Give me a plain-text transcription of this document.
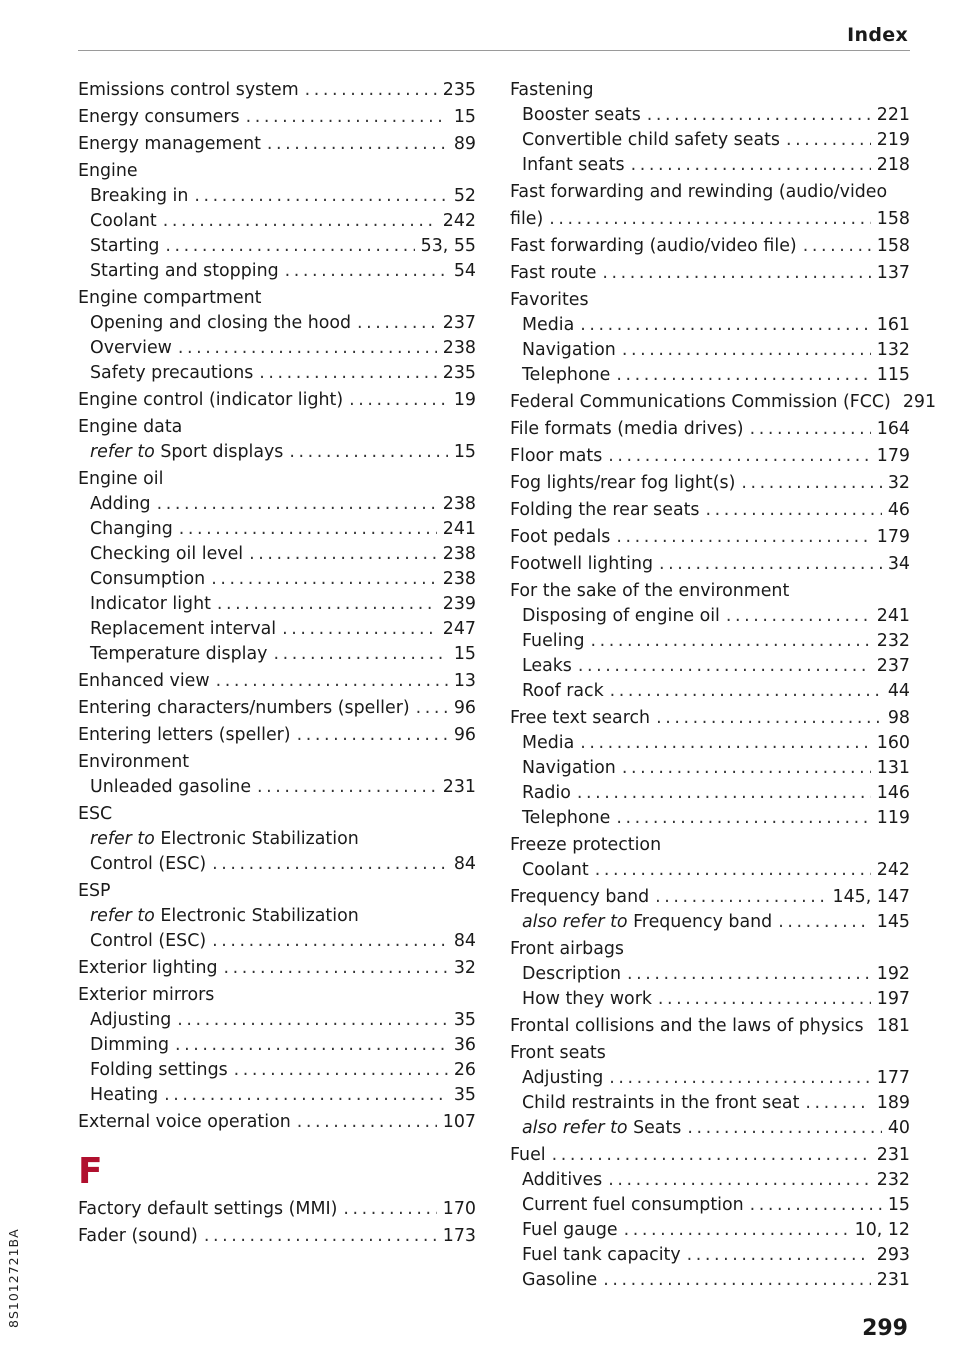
Index
Emissions control system .....	235
Energy consumers .....	15
Energy management .....	89
Engine
Breaking in .....	52
Coolant .....	242
Starting .....	53, 55
Starting and stopping .....	54
Engine compartment
Opening and closing the hood .....	237
Overview .....	238
Safety precautions .....	235
Engine control (indicator light) .....	19
Engine data
refer to Sport displays .....	15
Engine oil
Adding .....	238
Changing .....	241
Checking oil level .....	238
Consumption .....	238
Indicator light .....	239
Replacement interval .....	247
Temperature display .....	15
Enhanced view .....	13
Entering characters/numbers (speller) .....	96
Entering letters (speller) .....	96
Environment
Unleaded gasoline .....	231
ESC
refer to Electronic Stabilization
Control (ESC) .....	84
ESP
refer to Electronic Stabilization
Control (ESC) .....	84
Exterior lighting .....	32
Exterior mirrors
Adjusting .....	35
Dimming .....	36
Folding settings .....	26
Heating .....	35
External voice operation .....	107
F
Factory default settings (MMI) .....	170
Fader (sound) .....	173
Fastening
Booster seats .....	221
Convertible child safety seats .....	219
Infant seats .....	218
Fast forwarding and rewinding (audio/video
file) .....	158
Fast forwarding (audio/video file) .....	158
Fast route .....	137
Favorites
Media .....	161
Navigation .....	132
Telephone .....	115
Federal Communications Commission (FCC) 291
File formats (media drives) .....	164
Floor mats .....	179
Fog lights/rear fog light(s) .....	32
Folding the rear seats .....	46
Foot pedals .....	179
Footwell lighting .....	34
For the sake of the environment
Disposing of engine oil .....	241
Fueling .....	232
Leaks .....	237
Roof rack .....	44
Free text search .....	98
Media .....	160
Navigation .....	131
Radio .....	146
Telephone .....	119
Freeze protection
Coolant .....	242
Frequency band .....	145, 147
also refer to Frequency band .....	145
Front airbags
Description .....	192
How they work .....	197
Frontal collisions and the laws of physics ..... 181
Front seats
Adjusting .....	177
Child restraints in the front seat .....	189
also refer to Seats .....	40
Fuel .....	231
Additives .....	232
Current fuel consumption .....	15
Fuel gauge .....	10, 12
Fuel tank capacity .....	293
Gasoline .....	231
8S1012721BA
299
